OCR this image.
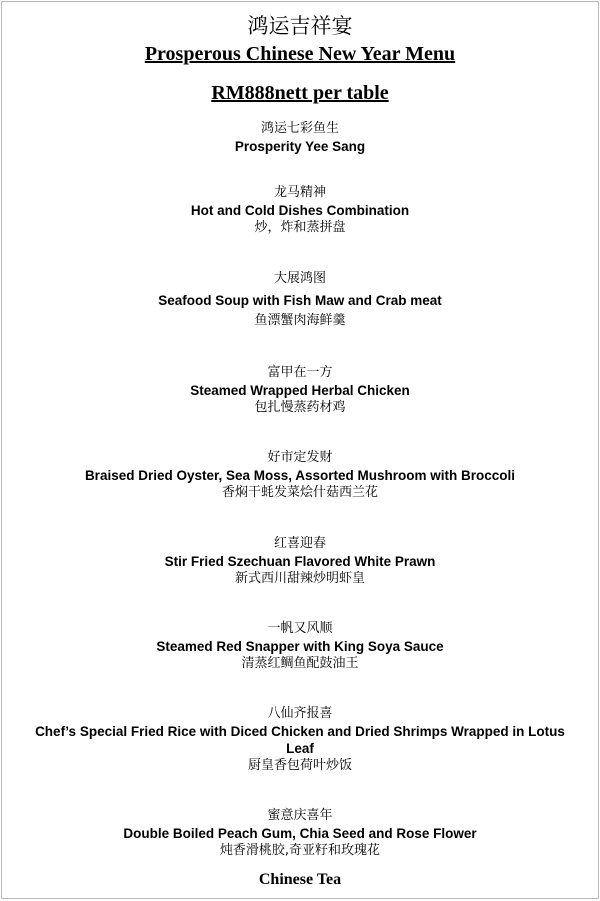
鸿运吉祥宴
Prosperous Chinese New Year Menu
RM888nett per table
鸿运七彩鱼生
Prosperity Yee Sang
龙马精神
Hot and Cold Dishes Combination
炒，炸和蒸拼盘
大展鸿图
Seafood Soup with Fish Maw and Crab meat
鱼漂蟹肉海鲜羹
富甲在一方
Steamed Wrapped Herbal Chicken
包扎慢蒸药材鸡
好市定发财
Braised Dried Oyster, Sea Moss, Assorted Mushroom with Broccoli
香焖干蚝发菜烩什菇西兰花
红喜迎春
Stir Fried Szechuan Flavored White Prawn
新式西川甜辣炒明虾皇
一帆又风顺
Steamed Red Snapper with King Soya Sauce
清蒸红鲷鱼配鼓油王
八仙齐报喜
Chef’s Special Fried Rice with Diced Chicken and Dried Shrimps Wrapped in Lotus Leaf
厨皇香包荷叶炒饭
蜜意庆喜年
Double Boiled Peach Gum, Chia Seed and Rose Flower
炖香滑桃胶,奇亚籽和玫瑰花
Chinese Tea
